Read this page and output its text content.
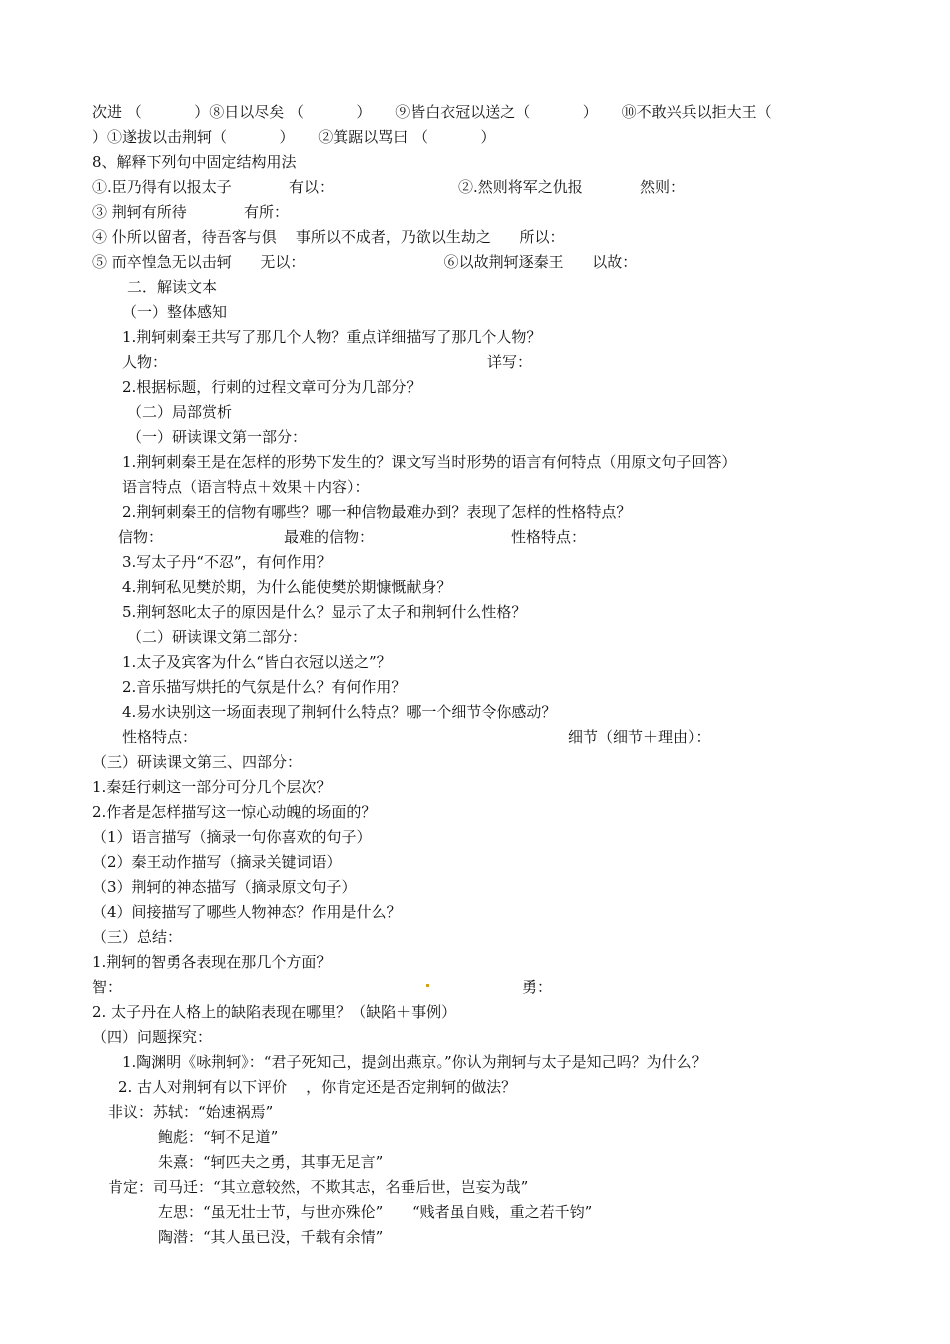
次进 （           ）⑧日以尽矣 （           ）     ⑨皆白衣冠以送之（           ）     ⑩不敢兴兵以拒大王（
）①遂拔以击荆轲（           ）     ②箕踞以骂曰 （           ）
8、解释下列句中固定结构用法
①.臣乃得有以报太子            有以：                          ②.然则将军之仇报            然则：
③ 荆轲有所待            有所：
④ 仆所以留者，待吾客与俱    事所以不成者，乃欲以生劫之      所以：
⑤ 而卒惶急无以击轲      无以：                             ⑥以故荆轲逐秦王      以故：
二．解读文本
（一）整体感知
1.荆轲刺秦王共写了那几个人物？重点详细描写了那几个人物？
人物：	详写：
2.根据标题，行刺的过程文章可分为几部分？
（二）局部赏析
（一）研读课文第一部分：
1.荆轲刺秦王是在怎样的形势下发生的？课文写当时形势的语言有何特点（用原文句子回答）
语言特点（语言特点＋效果＋内容）：
2.荆轲刺秦王的信物有哪些？哪一种信物最难办到？表现了怎样的性格特点？
信物：	最难的信物：	性格特点：
3.写太子丹“不忍”，有何作用？
4.荆轲私见樊於期，为什么能使樊於期慷慨献身？
5.荆轲怒叱太子的原因是什么？显示了太子和荆轲什么性格？
（二）研读课文第二部分：
1.太子及宾客为什么“皆白衣冠以送之”？
2.音乐描写烘托的气氛是什么？有何作用？
4.易水诀别这一场面表现了荆轲什么特点？哪一个细节令你感动？
性格特点：	细节（细节＋理由）：
（三）研读课文第三、四部分：
1.秦廷行刺这一部分可分几个层次？
2.作者是怎样描写这一惊心动魄的场面的？
（1）语言描写（摘录一句你喜欢的句子）
（2）秦王动作描写（摘录关键词语）
（3）荆轲的神态描写（摘录原文句子）
（4）间接描写了哪些人物神态？作用是什么？
（三）总结：
1.荆轲的智勇各表现在那几个方面？
智：	勇：
2. 太子丹在人格上的缺陷表现在哪里？（缺陷＋事例）
（四）问题探究：
1.陶渊明《咏荆轲》：“君子死知己，提剑出燕京。”你认为荆轲与太子是知己吗？为什么？
2. 古人对荆轲有以下评价    ，你肯定还是否定荆轲的做法？
非议：苏轼：“始速祸焉”
鲍彪：“轲不足道”
朱熹：“轲匹夫之勇，其事无足言”
肯定：司马迁：“其立意较然，不欺其志，名垂后世，岂妄为哉”
左思：“虽无壮士节，与世亦殊伦”      “贱者虽自贱，重之若千钧”
陶潜：“其人虽已没，千载有余情”
